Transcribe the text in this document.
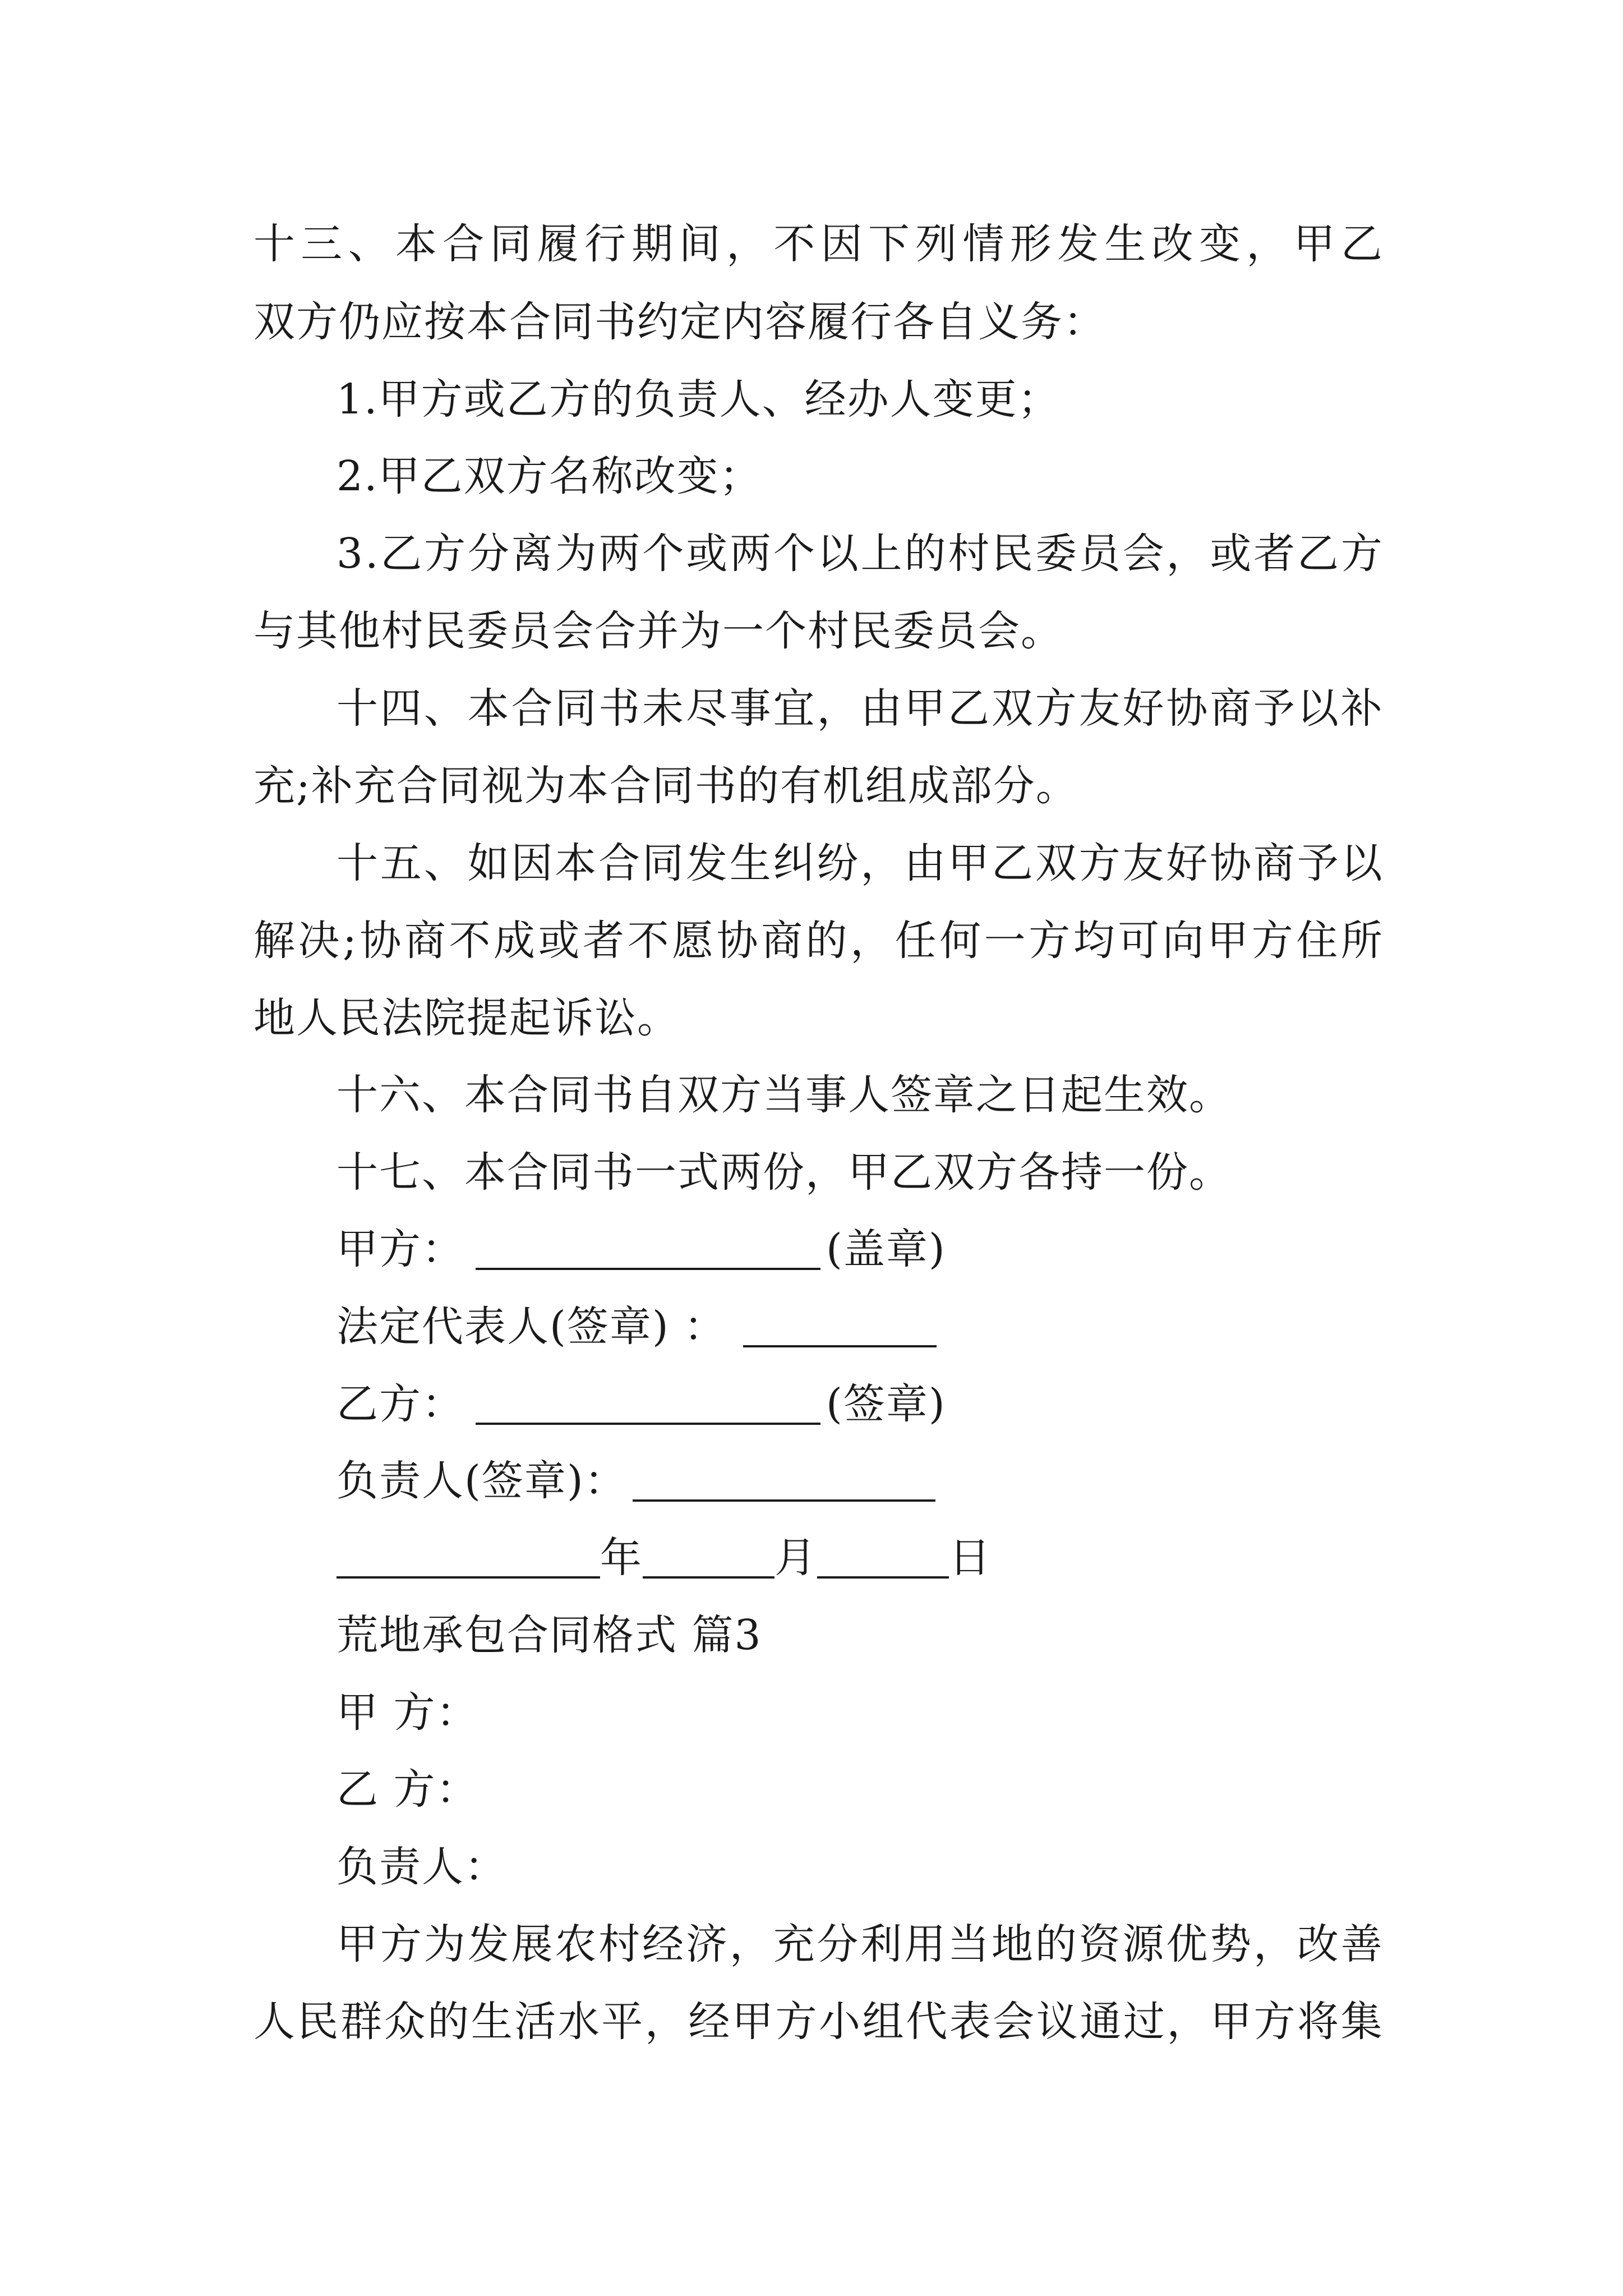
十 三 、 本 合 同 履 行 期 间 ， 不 因 下 列 情 形 发 生 改 变 ， 甲 乙
双方仍应按本合同书约定内容履行各自义务：
1.甲方或乙方的负责人、经办人变更；
2.甲乙双方名称改变；
3 . 乙 方 分 离 为 两 个 或 两 个 以 上 的 村 民 委 员 会 ， 或 者 乙 方
与其他村民委员会合并为一个村民委员会。
十 四 、 本 合 同 书 未 尽 事 宜 ， 由 甲 乙 双 方 友 好 协 商 予 以 补
充;补充合同视为本合同书的有机组成部分。
十 五 、 如 因 本 合 同 发 生 纠 纷 ， 由 甲 乙 双 方 友 好 协 商 予 以
解 决 ; 协 商 不 成 或 者 不 愿 协 商 的 ， 任 何 一 方 均 可 向 甲 方 住 所
地人民法院提起诉讼。
十六、本合同书自双方当事人签章之日起生效。
十七、本合同书一式两份，甲乙双方各持一份。
甲方：	(盖章)
法定代表人(签章) ：
乙方：	(签章)
负责人(签章)：
年	月	日
荒地承包合同格式 篇3
甲 方：
乙 方：
负责人：
甲 方 为 发 展 农 村 经 济 ， 充 分 利 用 当 地 的 资 源 优 势 ， 改 善
人 民 群 众 的 生 活 水 平 ， 经 甲 方 小 组 代 表 会 议 通 过 ， 甲 方 将 集
